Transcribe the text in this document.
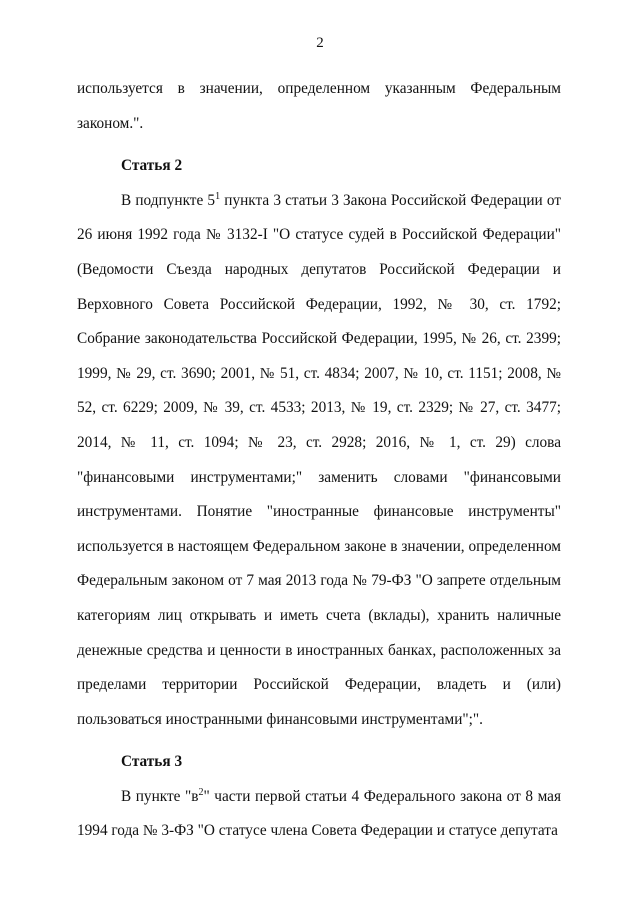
2

используется в значении, определенном указанным Федеральным законом.".

Статья 2

В подпункте $5^1$ пункта 3 статьи 3 Закона Российской Федерации от 26 июня 1992 года № 3132-I "О статусе судей в Российской Федерации" (Ведомости Съезда народных депутатов Российской Федерации и Верховного Совета Российской Федерации, 1992, № 30, ст. 1792; Собрание законодательства Российской Федерации, 1995, № 26, ст. 2399; 1999, № 29, ст. 3690; 2001, № 51, ст. 4834; 2007, № 10, ст. 1151; 2008, № 52, ст. 6229; 2009, № 39, ст. 4533; 2013, № 19, ст. 2329; № 27, ст. 3477; 2014, № 11, ст. 1094; № 23, ст. 2928; 2016, № 1, ст. 29) слова "финансовыми инструментами;" заменить словами "финансовыми инструментами. Понятие "иностранные финансовые инструменты" используется в настоящем Федеральном законе в значении, определенном Федеральным законом от 7 мая 2013 года № 79-ФЗ "О запрете отдельным категориям лиц открывать и иметь счета (вклады), хранить наличные денежные средства и ценности в иностранных банках, расположенных за пределами территории Российской Федерации, владеть и (или) пользоваться иностранными финансовыми инструментами";".

Статья 3

В пункте "$в^2$" части первой статьи 4 Федерального закона от 8 мая 1994 года № 3-ФЗ "О статусе члена Совета Федерации и статусе депутата
